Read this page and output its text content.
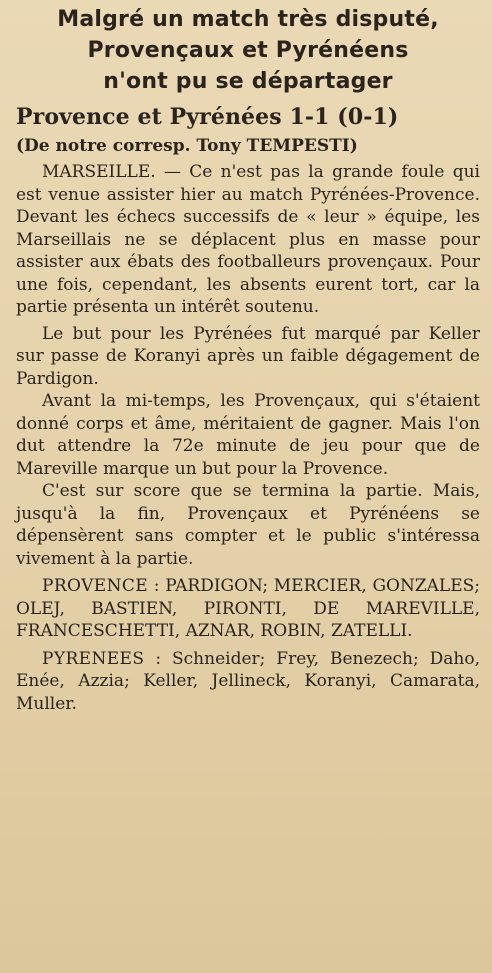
Malgré un match très disputé,
Provençaux et Pyrénéens
n'ont pu se départager
Provence et Pyrénées 1-1 (0-1)
(De notre corresp. Tony TEMPESTI)

MARSEILLE. — Ce n'est pas la grande foule qui est venue assister hier au match Pyrénées-Provence. Devant les échecs successifs de « leur » équipe, les Marseillais ne se déplacent plus en masse pour assister aux ébats des footballeurs provençaux. Pour une fois, cependant, les absents eurent tort, car la partie présenta un intérêt soutenu.

Le but pour les Pyrénées fut marqué par Keller sur passe de Koranyi après un faible dégagement de Pardigon.

Avant la mi-temps, les Provençaux, qui s'étaient donné corps et âme, méritaient de gagner. Mais l'on dut attendre la 72e minute de jeu pour que de Mareville marque un but pour la Provence.

C'est sur score que se termina la partie. Mais, jusqu'à la fin, Provençaux et Pyrénéens se dépensèrent sans compter et le public s'intéressa vivement à la partie.

PROVENCE : PARDIGON; MERCIER, GONZALES; OLEJ, BASTIEN, PIRONTI, DE MAREVILLE, FRANCESCHETTI, AZNAR, ROBIN, ZATELLI.

PYRENEES : Schneider; Frey, Benezech; Daho, Enée, Azzia; Keller, Jellineck, Koranyi, Camarata, Muller.
